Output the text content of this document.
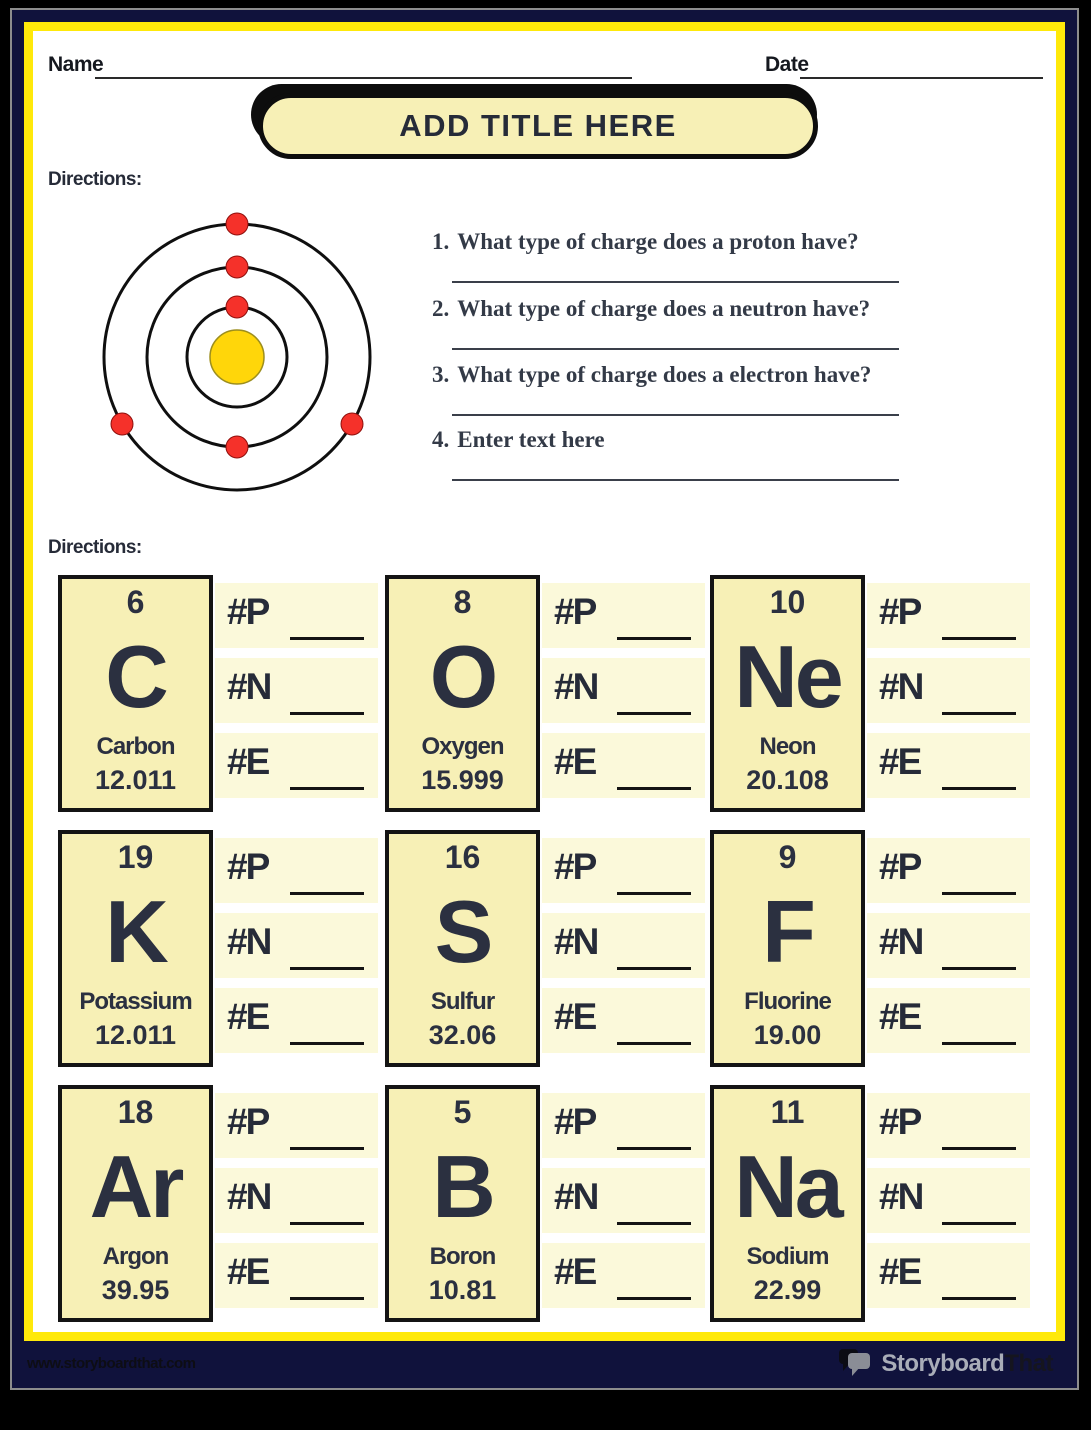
Name	Date
ADD TITLE HERE
Directions:
1. What type of charge does a proton have?
2. What type of charge does a neutron have?
3. What type of charge does a electron have?
4. Enter text here
Directions:
6
C
Carbon
12.011
#P
#N
#E
8
O
Oxygen
15.999
#P
#N
#E
10
Ne
Neon
20.108
#P
#N
#E
19
K
Potassium
12.011
#P
#N
#E
16
S
Sulfur
32.06
#P
#N
#E
9
F
Fluorine
19.00
#P
#N
#E
18
Ar
Argon
39.95
#P
#N
#E
5
B
Boron
10.81
#P
#N
#E
11
Na
Sodium
22.99
#P
#N
#E
www.storyboardthat.com	StoryboardThat
